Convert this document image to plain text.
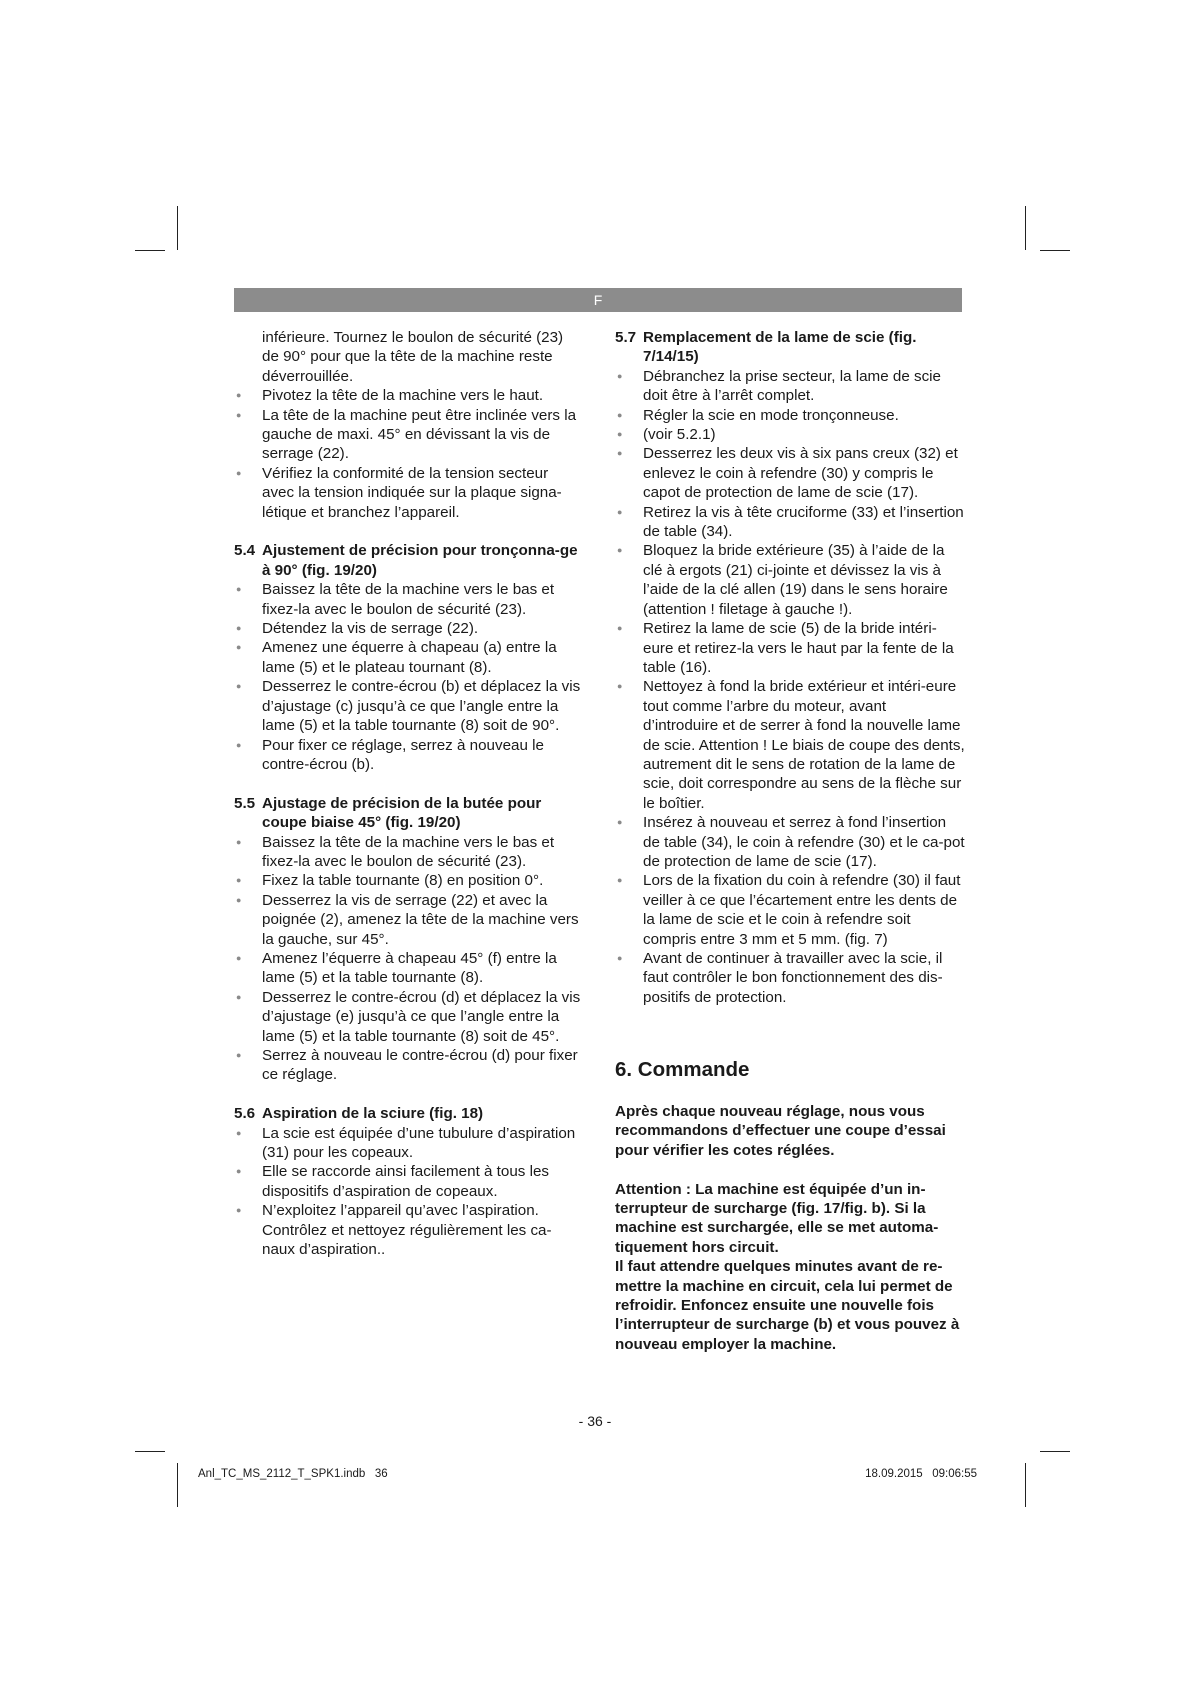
F

inférieure. Tournez le boulon de sécurité (23) de 90° pour que la tête de la machine reste déverrouillée.

● Pivotez la tête de la machine vers le haut.
● La tête de la machine peut être inclinée vers la gauche de maxi. 45° en dévissant la vis de serrage (22).
● Vérifiez la conformité de la tension secteur avec la tension indiquée sur la plaque signa-létique et branchez l’appareil.

5.4 Ajustement de précision pour tronçonna-ge à 90° (fig. 19/20)

● Baissez la tête de la machine vers le bas et fixez-la avec le boulon de sécurité (23).
● Détendez la vis de serrage (22).
● Amenez une équerre à chapeau (a) entre la lame (5) et le plateau tournant (8).
● Desserrez le contre-écrou (b) et déplacez la vis d’ajustage (c) jusqu’à ce que l’angle entre la lame (5) et la table tournante (8) soit de 90°.
● Pour fixer ce réglage, serrez à nouveau le contre-écrou (b).

5.5 Ajustage de précision de la butée pour coupe biaise 45° (fig. 19/20)

● Baissez la tête de la machine vers le bas et fixez-la avec le boulon de sécurité (23).
● Fixez la table tournante (8) en position 0°.
● Desserrez la vis de serrage (22) et avec la poignée (2), amenez la tête de la machine vers la gauche, sur 45°.
● Amenez l’équerre à chapeau 45° (f) entre la lame (5) et la table tournante (8).
● Desserrez le contre-écrou (d) et déplacez la vis d’ajustage (e) jusqu’à ce que l’angle entre la lame (5) et la table tournante (8) soit de 45°.
● Serrez à nouveau le contre-écrou (d) pour fixer ce réglage.

5.6 Aspiration de la sciure (fig. 18)

● La scie est équipée d’une tubulure d’aspiration (31) pour les copeaux.
● Elle se raccorde ainsi facilement à tous les dispositifs d’aspiration de copeaux.
● N’exploitez l’appareil qu’avec l’aspiration. Contrôlez et nettoyez régulièrement les ca-naux d’aspiration..

5.7 Remplacement de la lame de scie (fig. 7/14/15)

● Débranchez la prise secteur, la lame de scie doit être à l’arrêt complet.
● Régler la scie en mode tronçonneuse.
● (voir 5.2.1)
● Desserrez les deux vis à six pans creux (32) et enlevez le coin à refendre (30) y compris le capot de protection de lame de scie (17).
● Retirez la vis à tête cruciforme (33) et l’insertion de table (34).
● Bloquez la bride extérieure (35) à l’aide de la clé à ergots (21) ci-jointe et dévissez la vis à l’aide de la clé allen (19) dans le sens horaire (attention ! filetage à gauche !).
● Retirez la lame de scie (5) de la bride intéri-eure et retirez-la vers le haut par la fente de la table (16).
● Nettoyez à fond la bride extérieur et intéri-eure tout comme l’arbre du moteur, avant d’introduire et de serrer à fond la nouvelle lame de scie. Attention ! Le biais de coupe des dents, autrement dit le sens de rotation de la lame de scie, doit correspondre au sens de la flèche sur le boîtier.
● Insérez à nouveau et serrez à fond l’insertion de table (34), le coin à refendre (30) et le ca-pot de protection de lame de scie (17).
● Lors de la fixation du coin à refendre (30) il faut veiller à ce que l’écartement entre les dents de la lame de scie et le coin à refendre soit compris entre 3 mm et 5 mm. (fig. 7)
● Avant de continuer à travailler avec la scie, il faut contrôler le bon fonctionnement des dis-positifs de protection.
6. Commande

Après chaque nouveau réglage, nous vous recommandons d’effectuer une coupe d’essai pour vérifier les cotes réglées.

Attention : La machine est équipée d’un in-terrupteur de surcharge (fig. 17/fig. b). Si la machine est surchargée, elle se met automa-tiquement hors circuit.

Il faut attendre quelques minutes avant de re-mettre la machine en circuit, cela lui permet de refroidir. Enfoncez ensuite une nouvelle fois l’interrupteur de surcharge (b) et vous pouvez à nouveau employer la machine.

- 36 -
Anl_TC_MS_2112_T_SPK1.indb   36	18.09.2015   09:06:55
